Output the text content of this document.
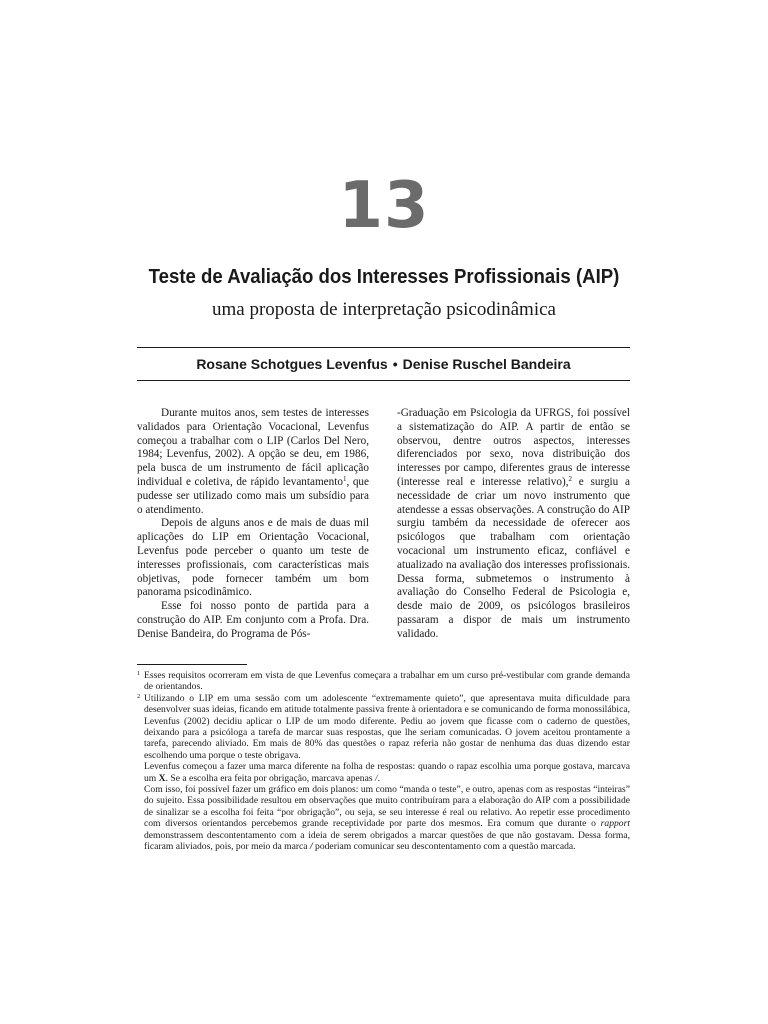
13
Teste de Avaliação dos Interesses Profissionais (AIP)
uma proposta de interpretação psicodinâmica
Rosane Schotgues Levenfus • Denise Ruschel Bandeira

Durante muitos anos, sem testes de interesses validados para Orientação Vocacional, Levenfus começou a trabalhar com o LIP (Carlos Del Nero, 1984; Levenfus, 2002). A opção se deu, em 1986, pela busca de um instrumento de fácil aplicação individual e coletiva, de rápido levantamento$^1$, que pudesse ser utilizado como mais um subsídio para o atendimento.

Depois de alguns anos e de mais de duas mil aplicações do LIP em Orientação Vocacional, Levenfus pode perceber o quanto um teste de interesses profissionais, com características mais objetivas, pode fornecer também um bom panorama psicodinâmico.

Esse foi nosso ponto de partida para a construção do AIP. Em conjunto com a Profa. Dra. Denise Bandeira, do Programa de Pós-

-Graduação em Psicologia da UFRGS, foi possível a sistematização do AIP. A partir de então se observou, dentre outros aspectos, interesses diferenciados por sexo, nova distribuição dos interesses por campo, diferentes graus de interesse (interesse real e interesse relativo),$^2$ e surgiu a necessidade de criar um novo instrumento que atendesse a essas observações. A construção do AIP surgiu também da necessidade de oferecer aos psicólogos que trabalham com orientação vocacional um instrumento eficaz, confiável e atualizado na avaliação dos interesses profissionais. Dessa forma, submetemos o instrumento à avaliação do Conselho Federal de Psicologia e, desde maio de 2009, os psicólogos brasileiros passaram a dispor de mais um instrumento validado.

1 Esses requisitos ocorreram em vista de que Levenfus começara a trabalhar em um curso pré-vestibular com grande demanda de orientandos.

2 Utilizando o LIP em uma sessão com um adolescente “extremamente quieto”, que apresentava muita dificuldade para desenvolver suas ideias, ficando em atitude totalmente passiva frente à orientadora e se comunicando de forma monossilábica, Levenfus (2002) decidiu aplicar o LIP de um modo diferente. Pediu ao jovem que ficasse com o caderno de questões, deixando para a psicóloga a tarefa de marcar suas respostas, que lhe seriam comunicadas. O jovem aceitou prontamente a tarefa, parecendo aliviado. Em mais de 80% das questões o rapaz referia não gostar de nenhuma das duas dizendo estar escolhendo uma porque o teste obrigava.

Levenfus começou a fazer uma marca diferente na folha de respostas: quando o rapaz escolhia uma porque gostava, marcava um X. Se a escolha era feita por obrigação, marcava apenas /.

Com isso, foi possível fazer um gráfico em dois planos: um como “manda o teste”, e outro, apenas com as respostas “inteiras” do sujeito. Essa possibilidade resultou em observações que muito contribuíram para a elaboração do AIP com a possibilidade de sinalizar se a escolha foi feita “por obrigação”, ou seja, se seu interesse é real ou relativo. Ao repetir esse procedimento com diversos orientandos percebemos grande receptividade por parte dos mesmos. Era comum que durante o rapport demonstrassem descontentamento com a ideia de serem obrigados a marcar questões de que não gostavam. Dessa forma, ficaram aliviados, pois, por meio da marca / poderiam comunicar seu descontentamento com a questão marcada.
